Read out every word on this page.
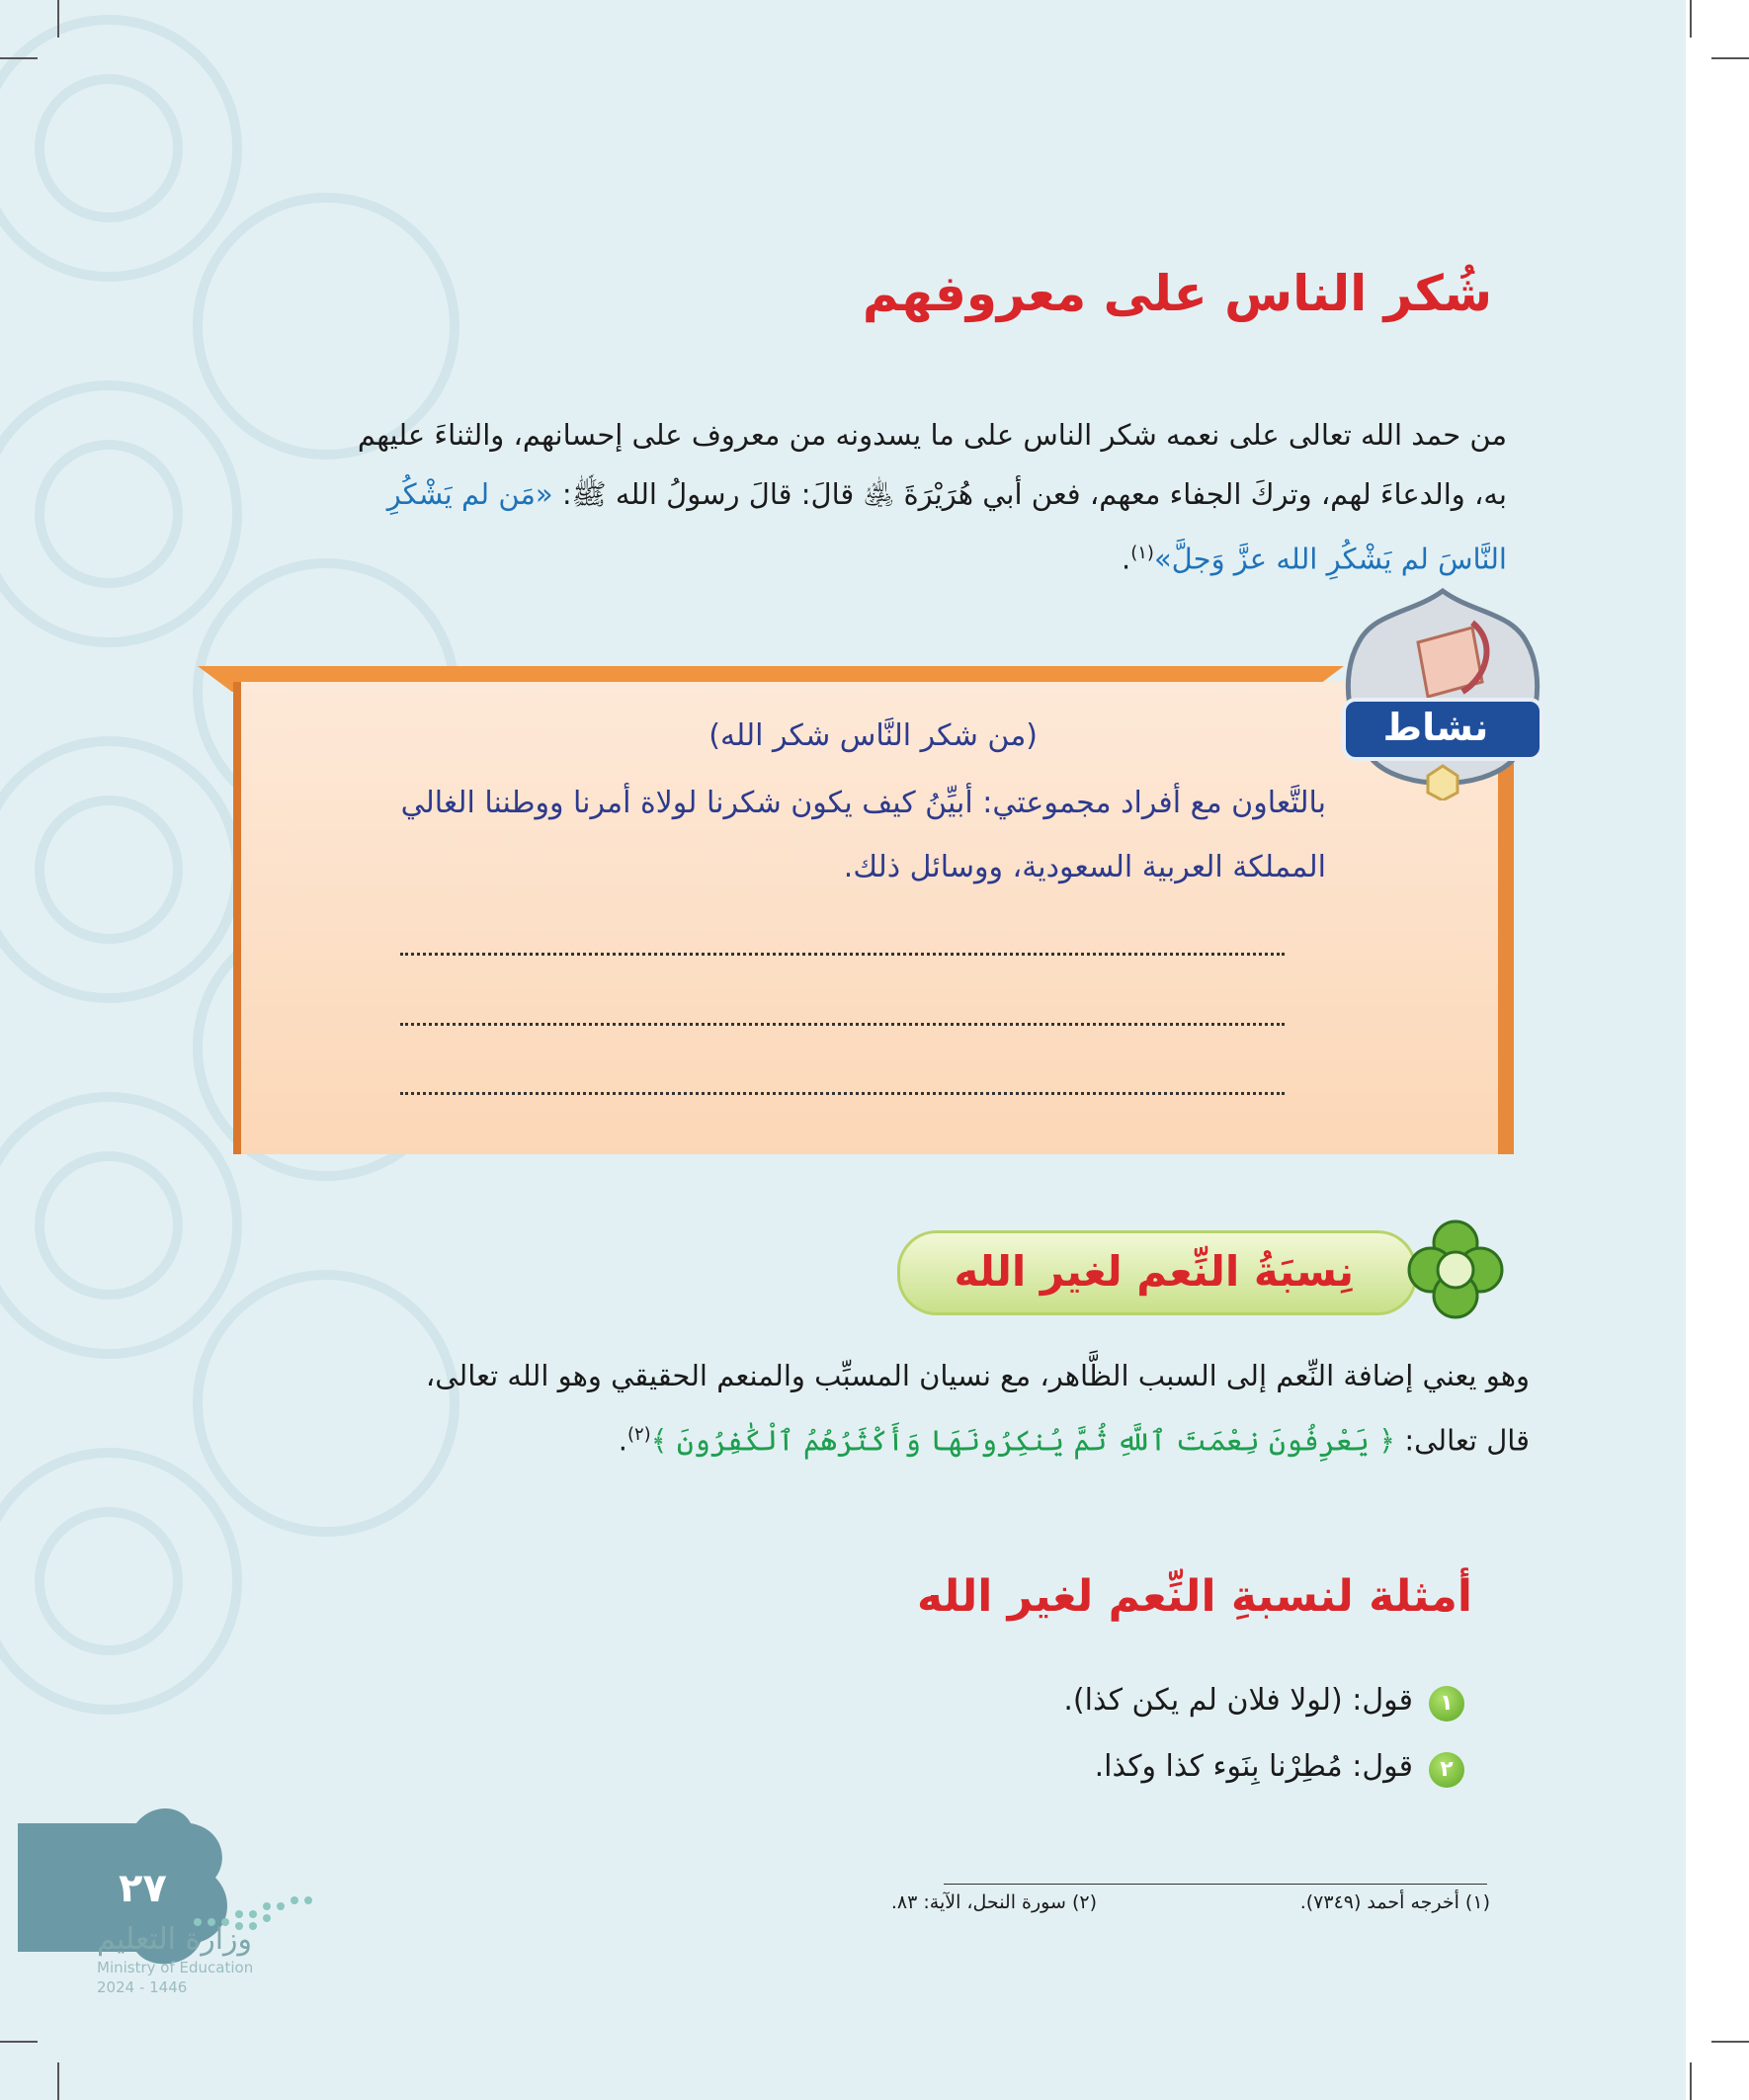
شُكر الناس على معروفهم
من حمد الله تعالى على نعمه شكر الناس على ما يسدونه من معروف على إحسانهم، والثناءَ عليهم
به، والدعاءَ لهم، وتركَ الجفاء معهم، فعن أبي هُرَيْرَةَ ﵁ قالَ: قالَ رسولُ الله ﷺ: «مَن لم يَشْكُرِ
النَّاسَ لم يَشْكُرِ الله عزَّ وَجلَّ»$^{(١)}$.
نشاط
(من شكر النَّاس شكر الله)
بالتَّعاون مع أفراد مجموعتي: أبيِّنُ كيف يكون شكرنا لولاة أمرنا ووطننا الغالي
المملكة العربية السعودية، ووسائل ذلك.
نِسبَةُ النِّعم لغير الله
وهو يعني إضافة النِّعم إلى السبب الظَّاهر، مع نسيان المسبِّب والمنعم الحقيقي وهو الله تعالى،
قال تعالى: ﴿ يَعْرِفُونَ نِعْمَتَ ٱللَّهِ ثُمَّ يُنكِرُونَهَا وَأَكْثَرُهُمُ ٱلْكَٰفِرُونَ ﴾$^{(٢)}$.
أمثلة لنسبةِ النِّعم لغير الله
١
قول: (لولا فلان لم يكن كذا).
٢
قول: مُطِرْنا بِنَوء كذا وكذا.
(١) أخرجه أحمد (٧٣٤٩).
(٢) سورة النحل، الآية: ٨٣.
٢٧
وزارة التعليم
Ministry of Education
2024 - 1446
